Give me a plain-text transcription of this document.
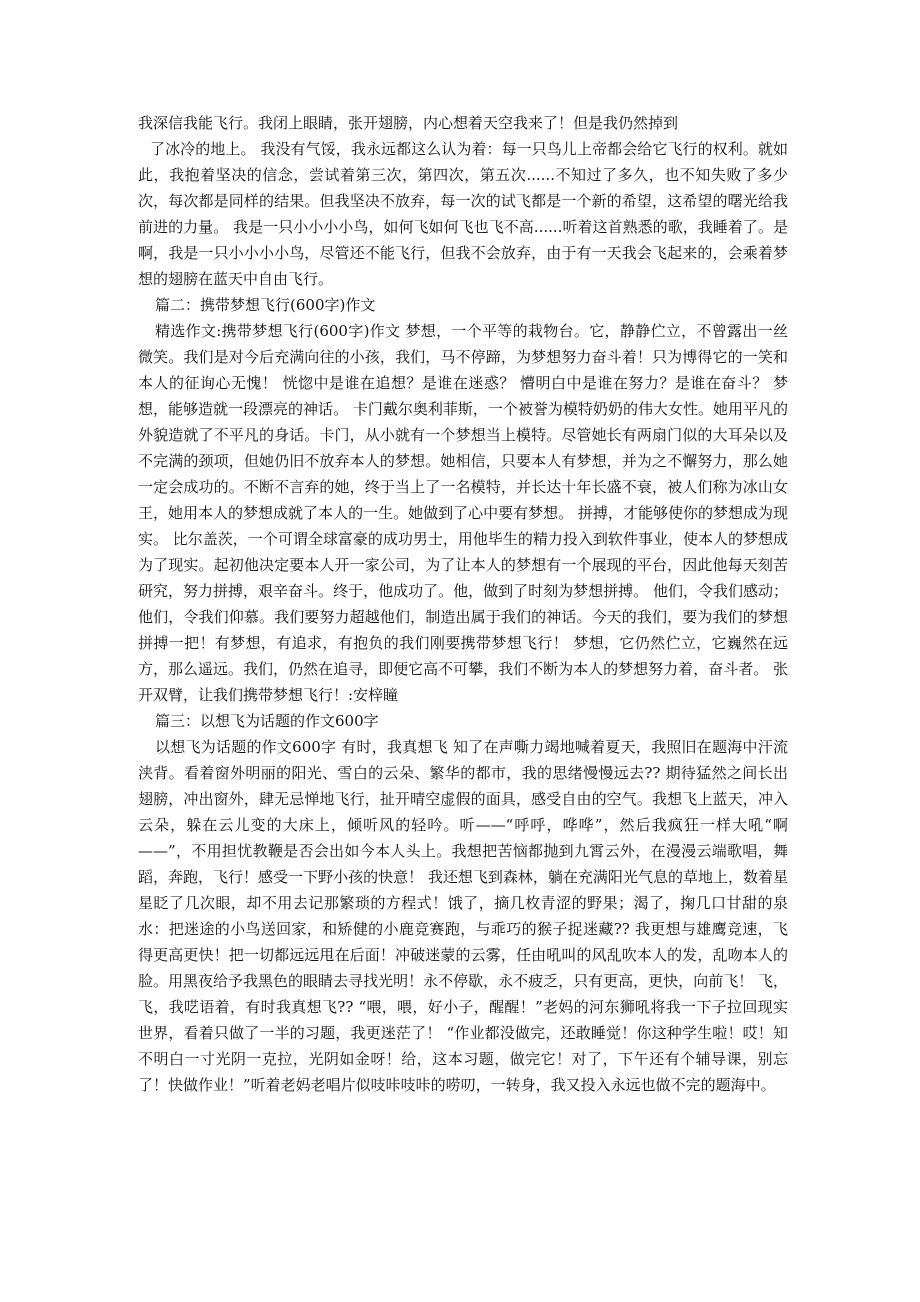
我深信我能飞行。我闭上眼睛，张开翅膀，内心想着天空我来了！但是我仍然掉到

了冰冷的地上。 我没有气馁，我永远都这么认为着：每一只鸟儿上帝都会给它飞行的权利。就如此，我抱着坚决的信念，尝试着第三次，第四次，第五次......不知过了多久，也不知失败了多少次，每次都是同样的结果。但我坚决不放弃，每一次的试飞都是一个新的希望，这希望的曙光给我前进的力量。 我是一只小小小小鸟，如何飞如何飞也飞不高......听着这首熟悉的歌，我睡着了。是啊，我是一只小小小小鸟，尽管还不能飞行，但我不会放弃，由于有一天我会飞起来的，会乘着梦想的翅膀在蓝天中自由飞行。

篇二：携带梦想飞行(600字)作文

精选作文:携带梦想飞行(600字)作文 梦想，一个平等的栽物台。它，静静伫立，不曾露出一丝微笑。我们是对今后充满向往的小孩，我们，马不停蹄，为梦想努力奋斗着！只为博得它的一笑和本人的征询心无愧！ 恍惚中是谁在追想？是谁在迷惑？ 懵明白中是谁在努力？是谁在奋斗？ 梦想，能够造就一段漂亮的神话。 卡门戴尔奥利菲斯，一个被誉为模特奶奶的伟大女性。她用平凡的外貌造就了不平凡的身话。卡门，从小就有一个梦想当上模特。尽管她长有两扇门似的大耳朵以及不完满的颈项，但她仍旧不放弃本人的梦想。她相信，只要本人有梦想，并为之不懈努力，那么她一定会成功的。不断不言弃的她，终于当上了一名模特，并长达十年长盛不衰，被人们称为冰山女王，她用本人的梦想成就了本人的一生。她做到了心中要有梦想。 拼搏，才能够使你的梦想成为现实。 比尔盖茨，一个可谓全球富豪的成功男士，用他毕生的精力投入到软件事业，使本人的梦想成为了现实。起初他决定要本人开一家公司，为了让本人的梦想有一个展现的平台，因此他每天刻苦研究，努力拼搏，艰辛奋斗。终于，他成功了。他，做到了时刻为梦想拼搏。 他们，令我们感动；他们，令我们仰慕。我们要努力超越他们，制造出属于我们的神话。今天的我们，要为我们的梦想拼搏一把！有梦想，有追求，有抱负的我们刚要携带梦想飞行！ 梦想，它仍然伫立，它巍然在远方，那么遥远。我们，仍然在追寻，即便它高不可攀，我们不断为本人的梦想努力着，奋斗者。 张开双臂，让我们携带梦想飞行！:安梓瞳

篇三：以想飞为话题的作文600字

以想飞为话题的作文600字 有时，我真想飞 知了在声嘶力竭地喊着夏天，我照旧在题海中汗流浃背。看着窗外明丽的阳光、雪白的云朵、繁华的都市，我的思绪慢慢远去?? 期待猛然之间长出翅膀，冲出窗外，肆无忌惮地飞行，扯开晴空虚假的面具，感受自由的空气。我想飞上蓝天，冲入云朵，躲在云儿变的大床上，倾听风的轻吟。听——“呼呼，哗哗”，然后我疯狂一样大吼“啊——”，不用担忧教鞭是否会出如今本人头上。我想把苦恼都抛到九霄云外，在漫漫云端歌唱，舞蹈，奔跑，飞行！感受一下野小孩的快意！ 我还想飞到森林，躺在充满阳光气息的草地上，数着星星眨了几次眼，却不用去记那繁琐的方程式！饿了，摘几枚青涩的野果；渴了，掬几口甘甜的泉水：把迷途的小鸟送回家，和矫健的小鹿竞赛跑，与乖巧的猴子捉迷藏?? 我更想与雄鹰竞速，飞得更高更快！把一切都远远甩在后面！冲破迷蒙的云雾，任由吼叫的风乱吹本人的发，乱吻本人的脸。用黑夜给予我黑色的眼睛去寻找光明！永不停歇，永不疲乏，只有更高，更快，向前飞！ 飞，飞，我呓语着，有时我真想飞?? “喂，喂，好小子，醒醒！”老妈的河东狮吼将我一下子拉回现实世界，看着只做了一半的习题，我更迷茫了！ “作业都没做完，还敢睡觉！你这种学生啦！哎！知不明白一寸光阴一克拉，光阴如金呀！给，这本习题，做完它！对了，下午还有个辅导课，别忘了！快做作业！”听着老妈老唱片似吱咔吱咔的唠叨，一转身，我又投入永远也做不完的题海中。
